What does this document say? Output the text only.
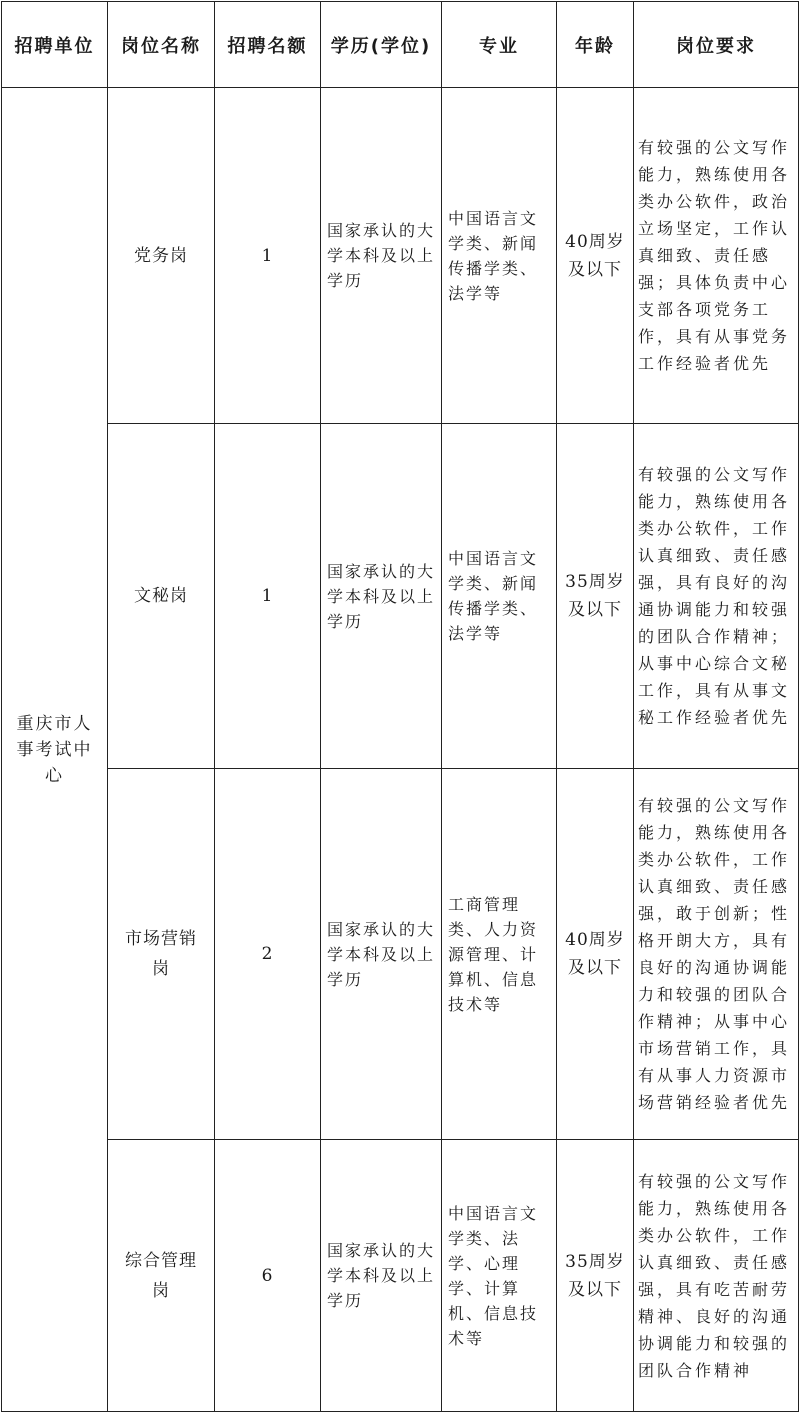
招聘单位	岗位名称	招聘名额	学历(学位)	专业	年龄	岗位要求

重庆市人事考试中心	党务岗	1	国家承认的大学本科及以上学历	中国语言文学类、新闻传播学类、法学等	40周岁及以下	有较强的公文写作能力，熟练使用各类办公软件，政治立场坚定，工作认真细致、责任感强；具体负责中心支部各项党务工作，具有从事党务工作经验者优先

	文秘岗	1	国家承认的大学本科及以上学历	中国语言文学类、新闻传播学类、法学等	35周岁及以下	有较强的公文写作能力，熟练使用各类办公软件，工作认真细致、责任感强，具有良好的沟通协调能力和较强的团队合作精神；从事中心综合文秘工作，具有从事文秘工作经验者优先

	市场营销岗	2	国家承认的大学本科及以上学历	工商管理类、人力资源管理、计算机、信息技术等	40周岁及以下	有较强的公文写作能力，熟练使用各类办公软件，工作认真细致、责任感强，敢于创新；性格开朗大方，具有良好的沟通协调能力和较强的团队合作精神；从事中心市场营销工作，具有从事人力资源市场营销经验者优先

	综合管理岗	6	国家承认的大学本科及以上学历	中国语言文学类、法学、心理学、计算机、信息技术等	35周岁及以下	有较强的公文写作能力，熟练使用各类办公软件，工作认真细致、责任感强，具有吃苦耐劳精神、良好的沟通协调能力和较强的团队合作精神
